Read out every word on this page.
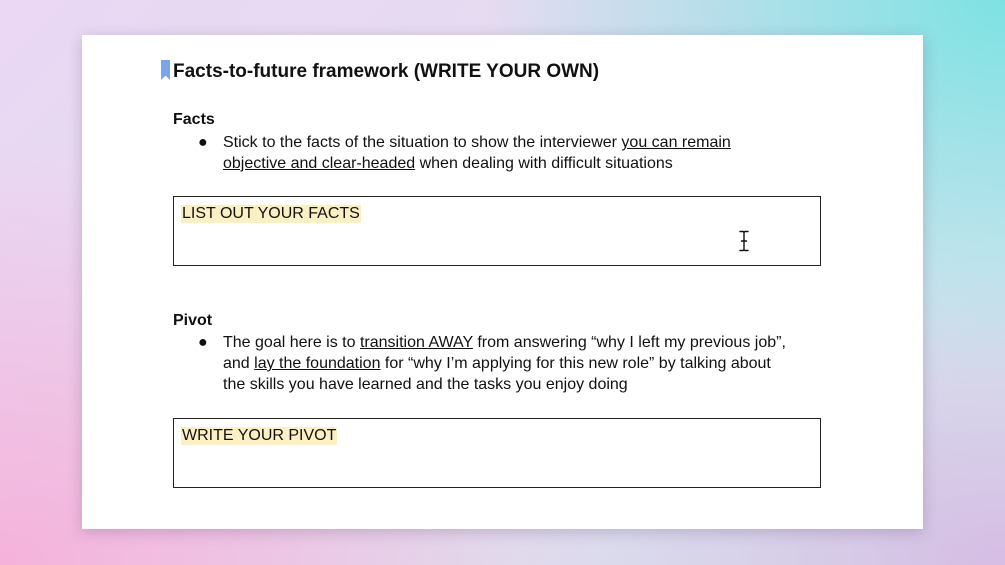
Facts-to-future framework (WRITE YOUR OWN)
Facts
● Stick to the facts of the situation to show the interviewer you can remain objective and clear-headed when dealing with difficult situations
LIST OUT YOUR FACTS
Pivot
● The goal here is to transition AWAY from answering “why I left my previous job”, and lay the foundation for “why I’m applying for this new role” by talking about the skills you have learned and the tasks you enjoy doing
WRITE YOUR PIVOT
